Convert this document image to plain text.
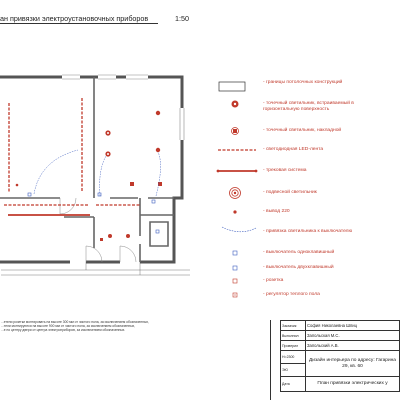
ан привязки электроустановочных приборов	1:50
- границы потолочных конструкций
- точечный светильник, встраиваемый в горизонтальную поверхность
- точечный светильник, накладной
- светодиодная LED-лента
- трековая система
- подвесной светильник
- вывод 220
- привязка светильника к выключателю
- выключатель одноклавишный
- выключатель двухклавишный
- розетка
- регулятор теплого пола
...етели розетки монтировать на высоте 300 мм от чистого пола, за исключением обозначенных,
...тели монтируются на высоте 900 мм от чистого пола, за исключением обозначенных,
...е по центру двери от центра электроприборов, за исключением обозначенных.
Заказчик	София Николаевна Шпиц
Выполнил	Запольская М.С.
Проверил	Запольский А.В.
Н=2300	Дизайн интерьера по адресу: Гагарина 29, кв. 60
ЭЮ	
Дата	План привязки электрических у
